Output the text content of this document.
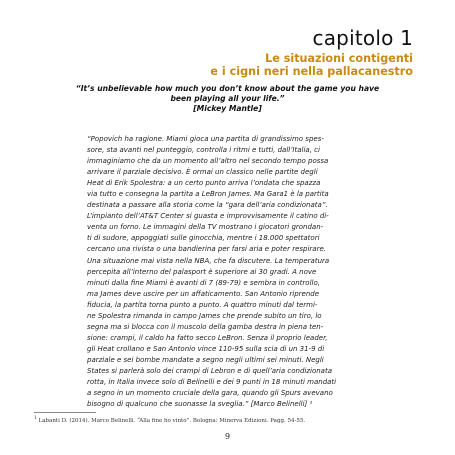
capitolo 1
Le situazioni contigenti
e i cigni neri nella pallacanestro
“It’s unbelievable how much you don’t know about the game you have
been playing all your life.”
[Mickey Mantle]
“Popovich ha ragione. Miami gioca una partita di grandissimo spes-
sore, sta avanti nel punteggio, controlla i ritmi e tutti, dall’Italia, ci
immaginiamo che da un momento all’altro nel secondo tempo possa
arrivare il parziale decisivo. È ormai un classico nelle partite degli
Heat di Erik Spolestra: a un certo punto arriva l’ondata che spazza
via tutto e consegna la partita a LeBron James. Ma Gara1 è la partita
destinata a passare alla storia come la “gara dell’aria condizionata”.
L’impianto dell’AT&T Center si guasta e improvvisamente il catino di-
venta un forno. Le immagini della TV mostrano i giocatori grondan-
ti di sudore, appoggiati sulle ginocchia, mentre i 18.000 spettatori
cercano una rivista o una bandierina per farsi aria e poter respirare.
Una situazione mai vista nella NBA, che fa discutere. La temperatura
percepita all’interno del palasport è superiore ai 30 gradi. A nove
minuti dalla fine Miami è avanti di 7 (89-79) e sembra in controllo,
ma James deve uscire per un affaticamento. San Antonio riprende
fiducia, la partita torna punto a punto. A quattro minuti dal termi-
ne Spolestra rimanda in campo James che prende subito un tiro, lo
segna ma si blocca con il muscolo della gamba destra in piena ten-
sione: crampi, il caldo ha fatto secco LeBron. Senza il proprio leader,
gli Heat crollano e San Antonio vince 110-95 sulla scia di un 31-9 di
parziale e sei bombe mandate a segno negli ultimi sei minuti. Negli
States si parlerà solo dei crampi di Lebron e di quell’aria condizionata
rotta, in Italia invece solo di Belinelli e dei 9 punti in 18 minuti mandati
a segno in un momento cruciale della gara, quando gli Spurs avevano
bisogno di qualcuno che suonasse la sveglia.” [Marco Belinelli] ¹
$^1$ Labanti D. (2014). Marco Belinelli. “Alla fine ho vinto”. Bologna: Minerva Edizioni. Pagg. 54-55.
9
